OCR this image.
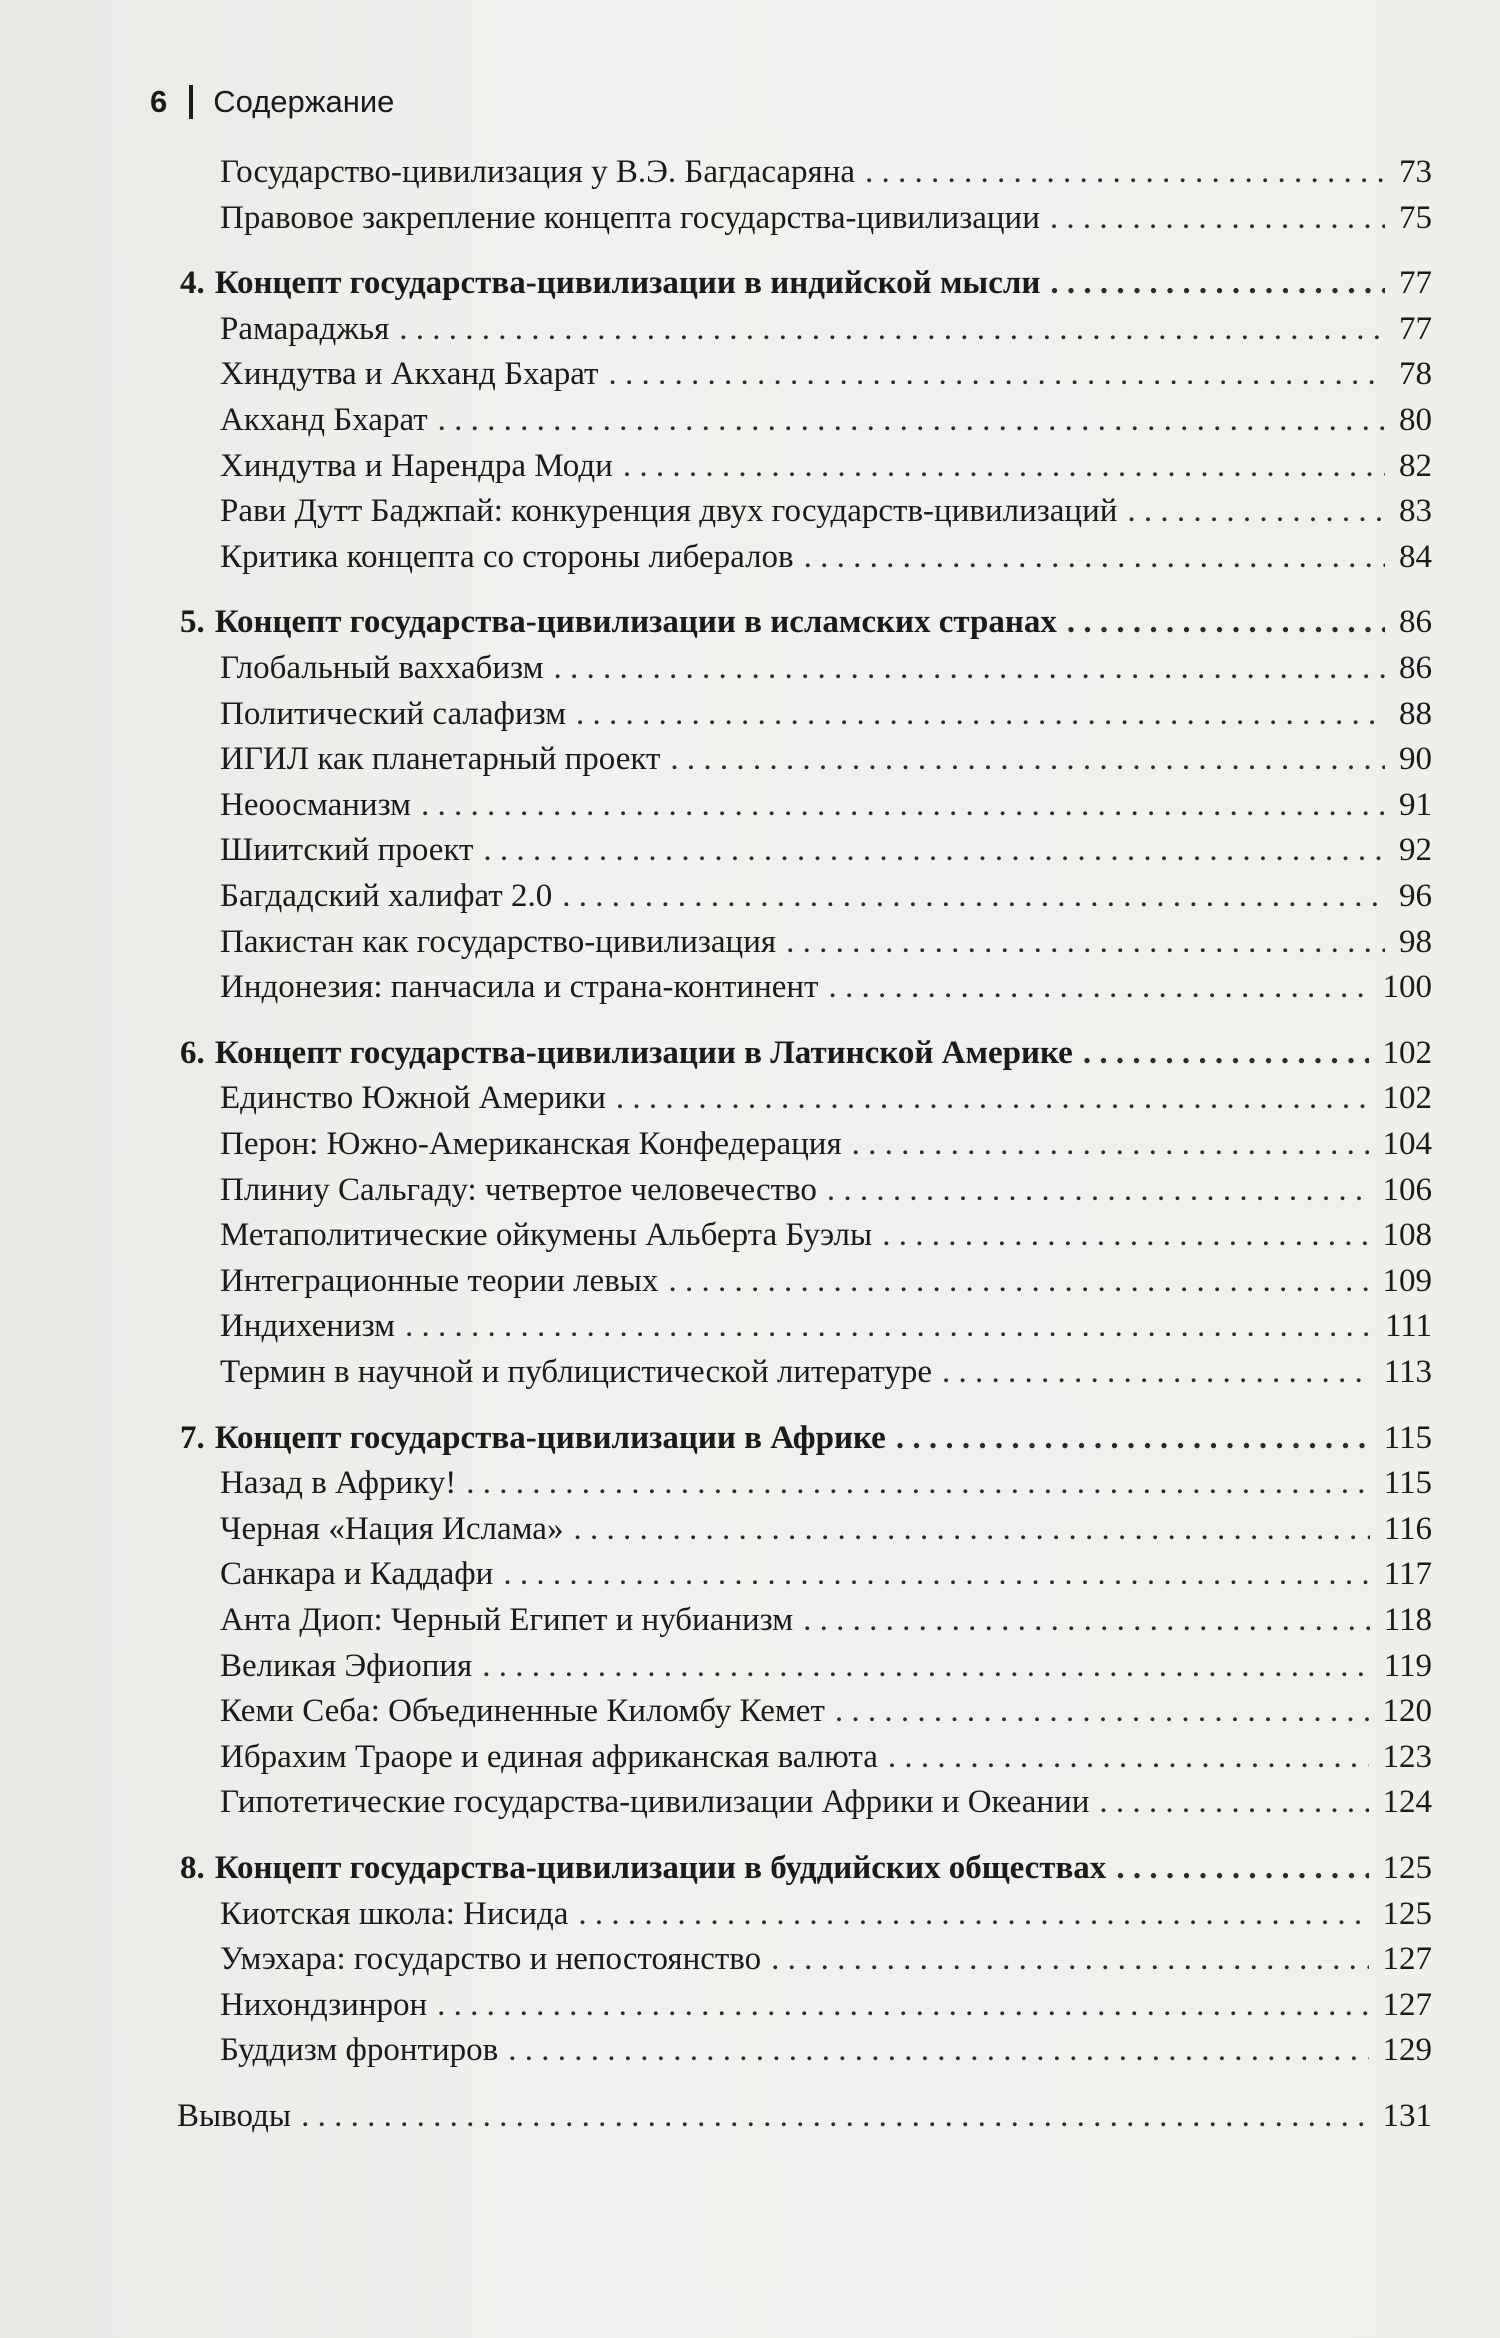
6 Содержание
Государство-цивилизация у В.Э. Багдасаряна . . .	73
Правовое закрепление концепта государства-цивилизации . . .	75
4. Концепт государства-цивилизации в индийской мысли . . .	77
Рамараджья . . .	77
Хиндутва и Акханд Бхарат . . .	78
Акханд Бхарат . . .	80
Хиндутва и Нарендра Моди . . .	82
Рави Дутт Баджпай: конкуренция двух государств-цивилизаций . . .	83
Критика концепта со стороны либералов . . .	84
5. Концепт государства-цивилизации в исламских странах . . .	86
Глобальный ваххабизм . . .	86
Политический салафизм . . .	88
ИГИЛ как планетарный проект . . .	90
Неоосманизм . . .	91
Шиитский проект . . .	92
Багдадский халифат 2.0 . . .	96
Пакистан как государство-цивилизация . . .	98
Индонезия: панчасила и страна-континент . . .	100
6. Концепт государства-цивилизации в Латинской Америке . . .	102
Единство Южной Америки . . .	102
Перон: Южно-Американская Конфедерация . . .	104
Плиниу Сальгаду: четвертое человечество . . .	106
Метаполитические ойкумены Альберта Буэлы . . .	108
Интеграционные теории левых . . .	109
Индихенизм . . .	111
Термин в научной и публицистической литературе . . .	113
7. Концепт государства-цивилизации в Африке . . .	115
Назад в Африку! . . .	115
Черная «Нация Ислама» . . .	116
Санкара и Каддафи . . .	117
Анта Диоп: Черный Египет и нубианизм . . .	118
Великая Эфиопия . . .	119
Кеми Себа: Объединенные Киломбу Кемет . . .	120
Ибрахим Траоре и единая африканская валюта . . .	123
Гипотетические государства-цивилизации Африки и Океании . . .	124
8. Концепт государства-цивилизации в буддийских обществах . . .	125
Киотская школа: Нисида . . .	125
Умэхара: государство и непостоянство . . .	127
Нихондзинрон . . .	127
Буддизм фронтиров . . .	129
Выводы . . .	131
